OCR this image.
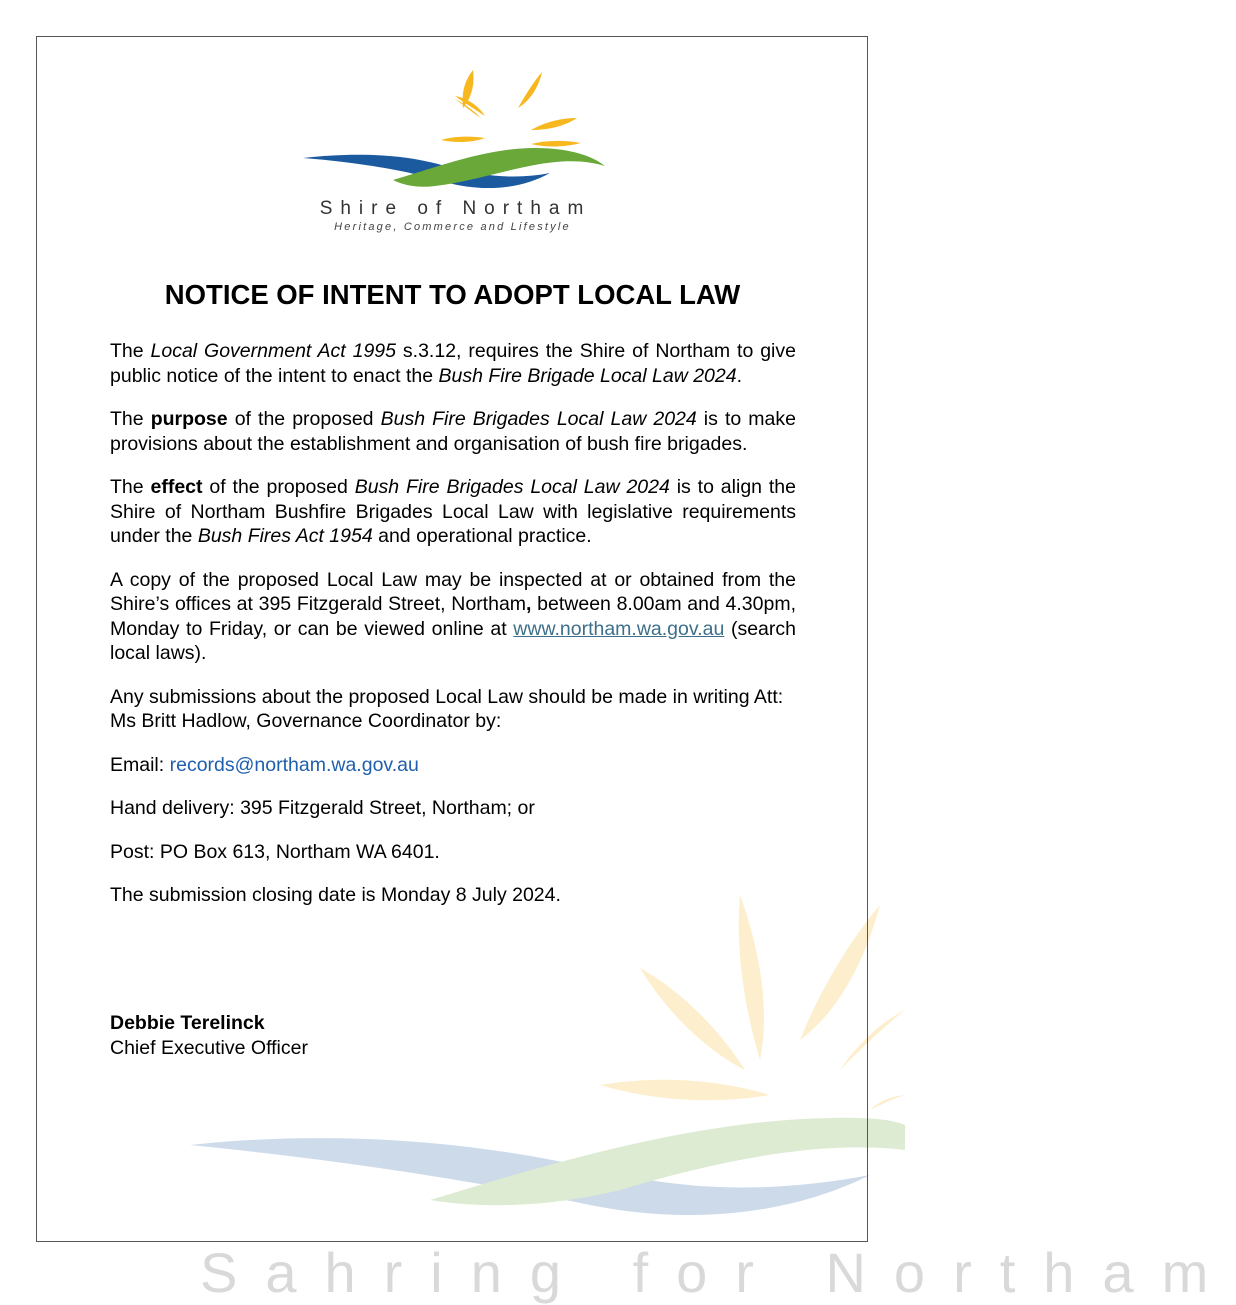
Sahring for Northam
Shire of Northam
Heritage, Commerce and Lifestyle
NOTICE OF INTENT TO ADOPT LOCAL LAW

The Local Government Act 1995 s.3.12, requires the Shire of Northam to give public notice of the intent to enact the Bush Fire Brigade Local Law 2024.

The purpose of the proposed Bush Fire Brigades Local Law 2024 is to make provisions about the establishment and organisation of bush fire brigades.

The effect of the proposed Bush Fire Brigades Local Law 2024 is to align the Shire of Northam Bushfire Brigades Local Law with legislative requirements under the Bush Fires Act 1954 and operational practice.

A copy of the proposed Local Law may be inspected at or obtained from the Shire’s offices at 395 Fitzgerald Street, Northam, between 8.00am and 4.30pm, Monday to Friday, or can be viewed online at www.northam.wa.gov.au (search local laws).

Any submissions about the proposed Local Law should be made in writing Att: Ms Britt Hadlow, Governance Coordinator by:

Email: records@northam.wa.gov.au

Hand delivery: 395 Fitzgerald Street, Northam; or

Post: PO Box 613, Northam WA 6401.

The submission closing date is Monday 8 July 2024.

Debbie Terelinck
Chief Executive Officer
